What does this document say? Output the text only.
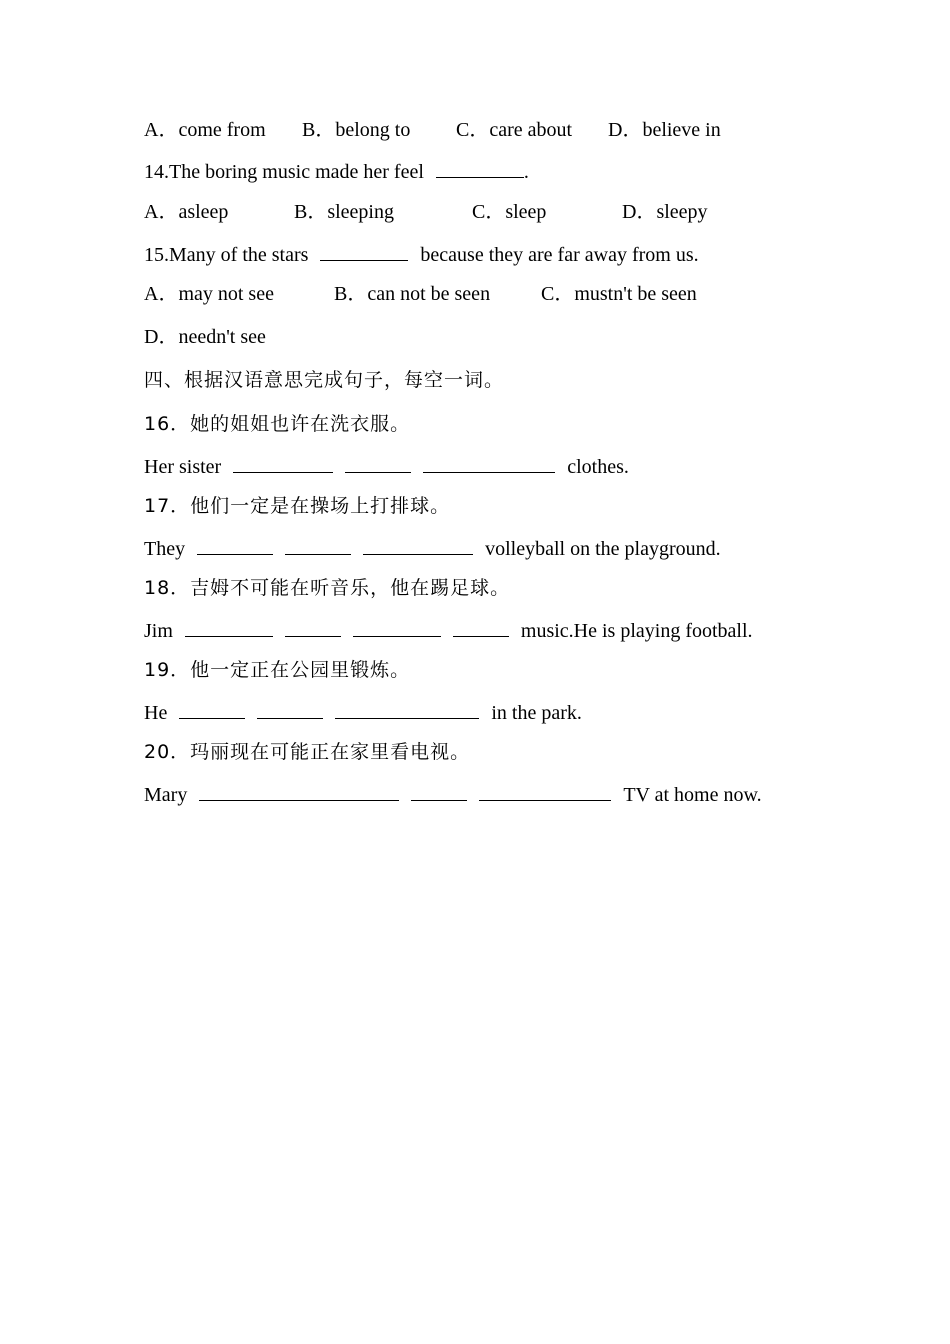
A．come from B．belong to C．care about D．believe in
14.The boring music made her feel	.
A．asleep	B．sleeping	C．sleep	D．sleepy
15.Many of the stars	because they are far away from us.
A．may not see	B．can not be seen	C．mustn't be seen
D．needn't see
四、根据汉语意思完成句子，每空一词。
16．她的姐姐也许在洗衣服。
Her sister	clothes.
17．他们一定是在操场上打排球。
They	volleyball on the playground.
18．吉姆不可能在听音乐，他在踢足球。
Jim	music.He is playing football.
19．他一定正在公园里锻炼。
He	in the park.
20．玛丽现在可能正在家里看电视。
Mary	TV at home now.
